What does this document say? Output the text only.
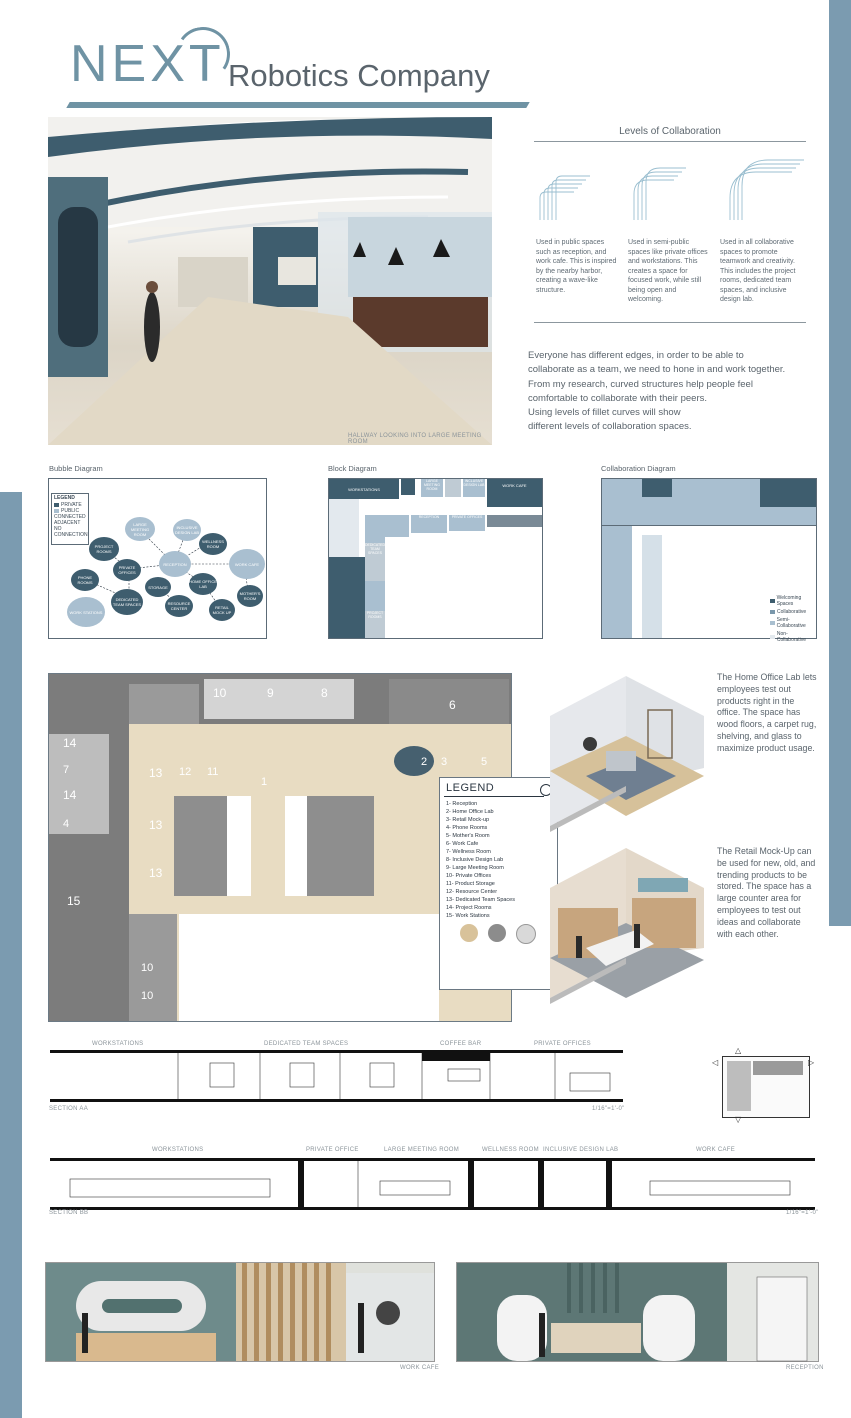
NEXT Robotics Company
HALLWAY LOOKING INTO LARGE MEETING ROOM
Levels of Collaboration
Used in public spaces such as reception, and work cafe. This is inspired by the nearby harbor, creating a wave-like structure.
Used in semi-public spaces like private offices and workstations. This creates a space for focused work, while still being open and welcoming.
Used in all collaborative spaces to promote teamwork and creativity. This includes the project rooms, dedicated team spaces, and inclusive design lab.
Everyone has different edges, in order to be able to
collaborate as a team, we need to hone in and work together.
From my research, curved structures help people feel
comfortable to collaborate with their peers.
Using levels of fillet curves will show
different levels of collaboration spaces.
Bubble Diagram	Block Diagram	Collaboration Diagram
LEGEND
PRIVATE
PUBLIC
CONNECTED
ADJACENT
NO CONNECTION
LARGE MEETING ROOM
INCLUSIVE DESIGN LAB
WELLNESS ROOM
PROJECT ROOMS
PRIVATE OFFICES
RECEPTION	WORK CAFE
PHONE ROOMS
STORAGE
HOME OFFICE LAB
DEDICATED TEAM SPACES	RESOURCE CENTER
MOTHER'S ROOM
WORK STATIONS
RETAIL MOCK UP
WORKSTATIONS
LARGE MEETING ROOM
INCLUSIVE DESIGN LAB	WORK CAFE
RECEPTION	PRIVATE OFFICES
DEDICATED TEAM SPACES
PROJECT ROOMS
Welcoming Spaces
Collaborative
Semi-Collaborative
Non-Collaborative
10	9	8
6
14
13 12 11
2 3	5
1
13
13
14
15
10
10
7
4
LEGEND
1- Reception
2- Home Office Lab
3- Retail Mock-up
4- Phone Rooms
5- Mother's Room
6- Work Cafe
7- Wellness Room
8- Inclusive Design Lab
9- Large Meeting Room
10- Private Offices
11- Product Storage
12- Resource Center
13- Dedicated Team Spaces
14- Project Rooms
15- Work Stations
The Home Office Lab lets employees test out products right in the office. The space has wood floors, a carpet rug, shelving, and glass to maximize product usage.
The Retail Mock-Up can be used for new, old, and trending products to be stored. The space has a large counter area for employees to test out ideas and collaborate with each other.
WORKSTATIONS	DEDICATED TEAM SPACES	COFFEE BAR	PRIVATE OFFICES
SECTION AA	1/16"=1'-0"
◁	▷
△
▽
WORKSTATIONS	PRIVATE OFFICE	LARGE MEETING ROOM	WELLNESS ROOM INCLUSIVE DESIGN LAB	WORK CAFE
SECTION BB	1/16"=1'-0"
WORK CAFE	RECEPTION
